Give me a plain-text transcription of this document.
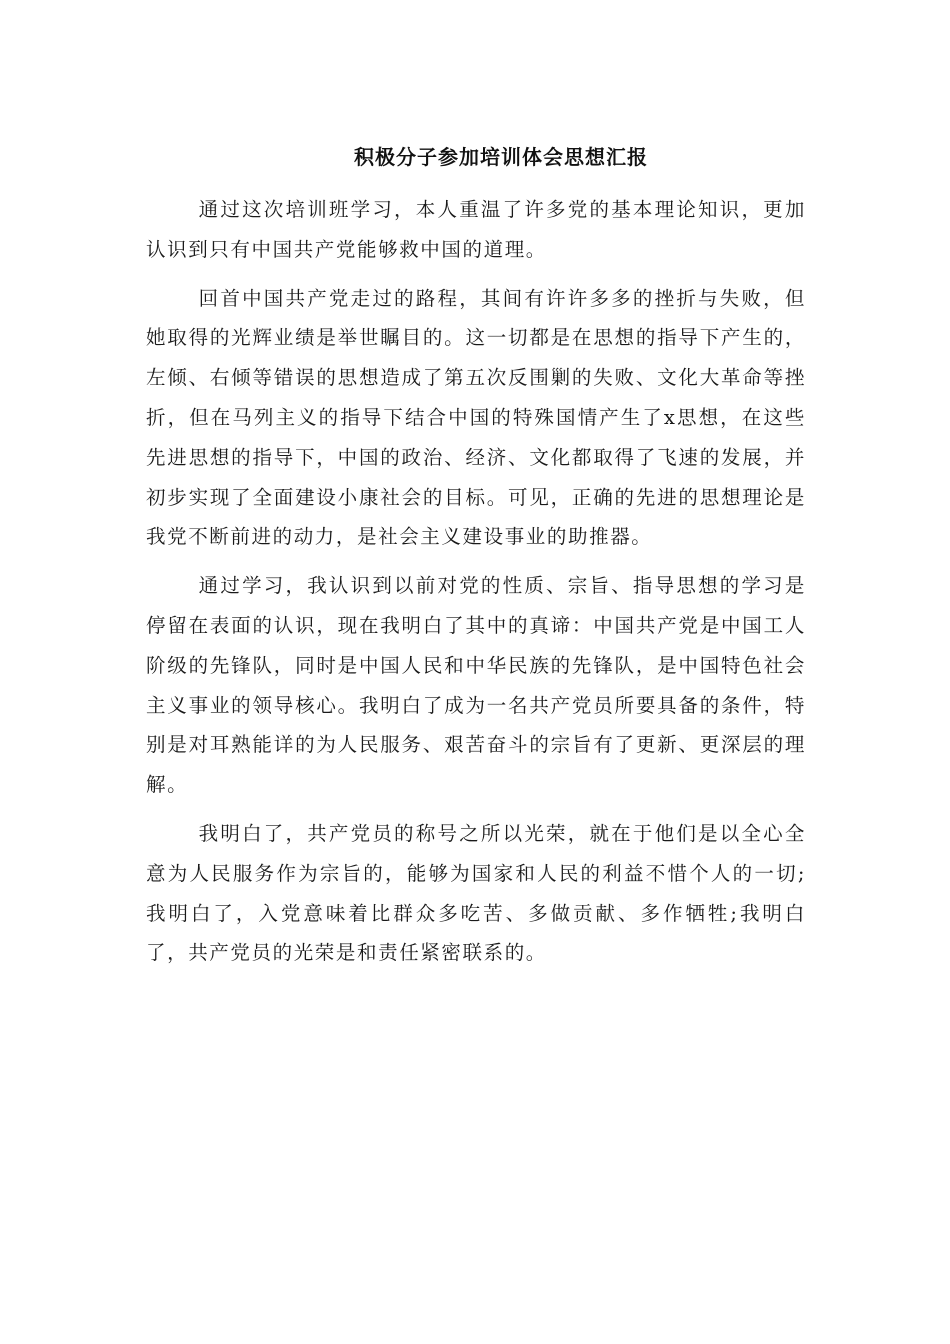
积极分子参加培训体会思想汇报

通过这次培训班学习，本人重温了许多党的基本理论知识，更加认识到只有中国共产党能够救中国的道理。

回首中国共产党走过的路程，其间有许许多多的挫折与失败，但她取得的光辉业绩是举世瞩目的。这一切都是在思想的指导下产生的，左倾、右倾等错误的思想造成了第五次反围剿的失败、文化大革命等挫折，但在马列主义的指导下结合中国的特殊国情产生了x思想，在这些先进思想的指导下，中国的政治、经济、文化都取得了飞速的发展，并初步实现了全面建设小康社会的目标。可见，正确的先进的思想理论是我党不断前进的动力，是社会主义建设事业的助推器。

通过学习，我认识到以前对党的性质、宗旨、指导思想的学习是停留在表面的认识，现在我明白了其中的真谛：中国共产党是中国工人阶级的先锋队，同时是中国人民和中华民族的先锋队，是中国特色社会主义事业的领导核心。我明白了成为一名共产党员所要具备的条件，特别是对耳熟能详的为人民服务、艰苦奋斗的宗旨有了更新、更深层的理解。

我明白了，共产党员的称号之所以光荣，就在于他们是以全心全意为人民服务作为宗旨的，能够为国家和人民的利益不惜个人的一切;我明白了，入党意味着比群众多吃苦、多做贡献、多作牺牲;我明白了，共产党员的光荣是和责任紧密联系的。
